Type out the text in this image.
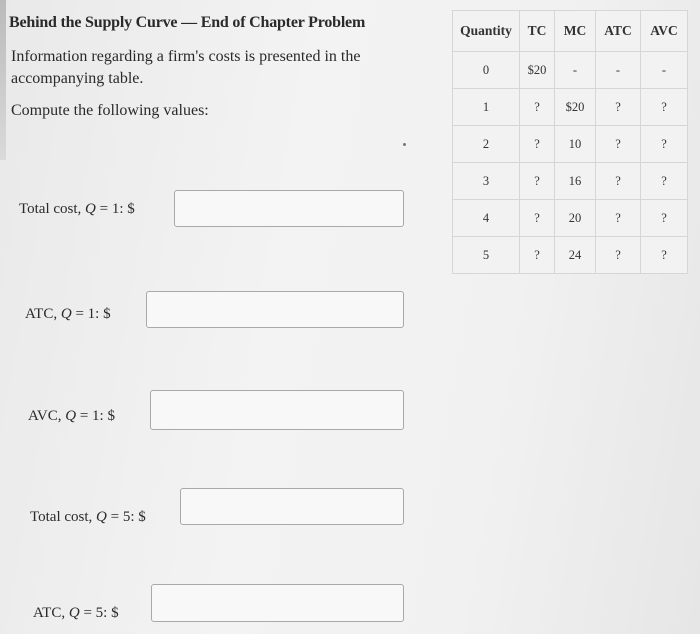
Behind the Supply Curve — End of Chapter Problem
Information regarding a firm's costs is presented in the accompanying table.
Compute the following values:
Total cost, Q = 1: $
ATC, Q = 1: $
AVC, Q = 1: $
Total cost, Q = 5: $
ATC, Q = 5: $
Quantity	TC	MC	ATC	AVC
0	$20	-	-	-
1	?	$20	?	?
2	?	10	?	?
3	?	16	?	?
4	?	20	?	?
5	?	24	?	?
